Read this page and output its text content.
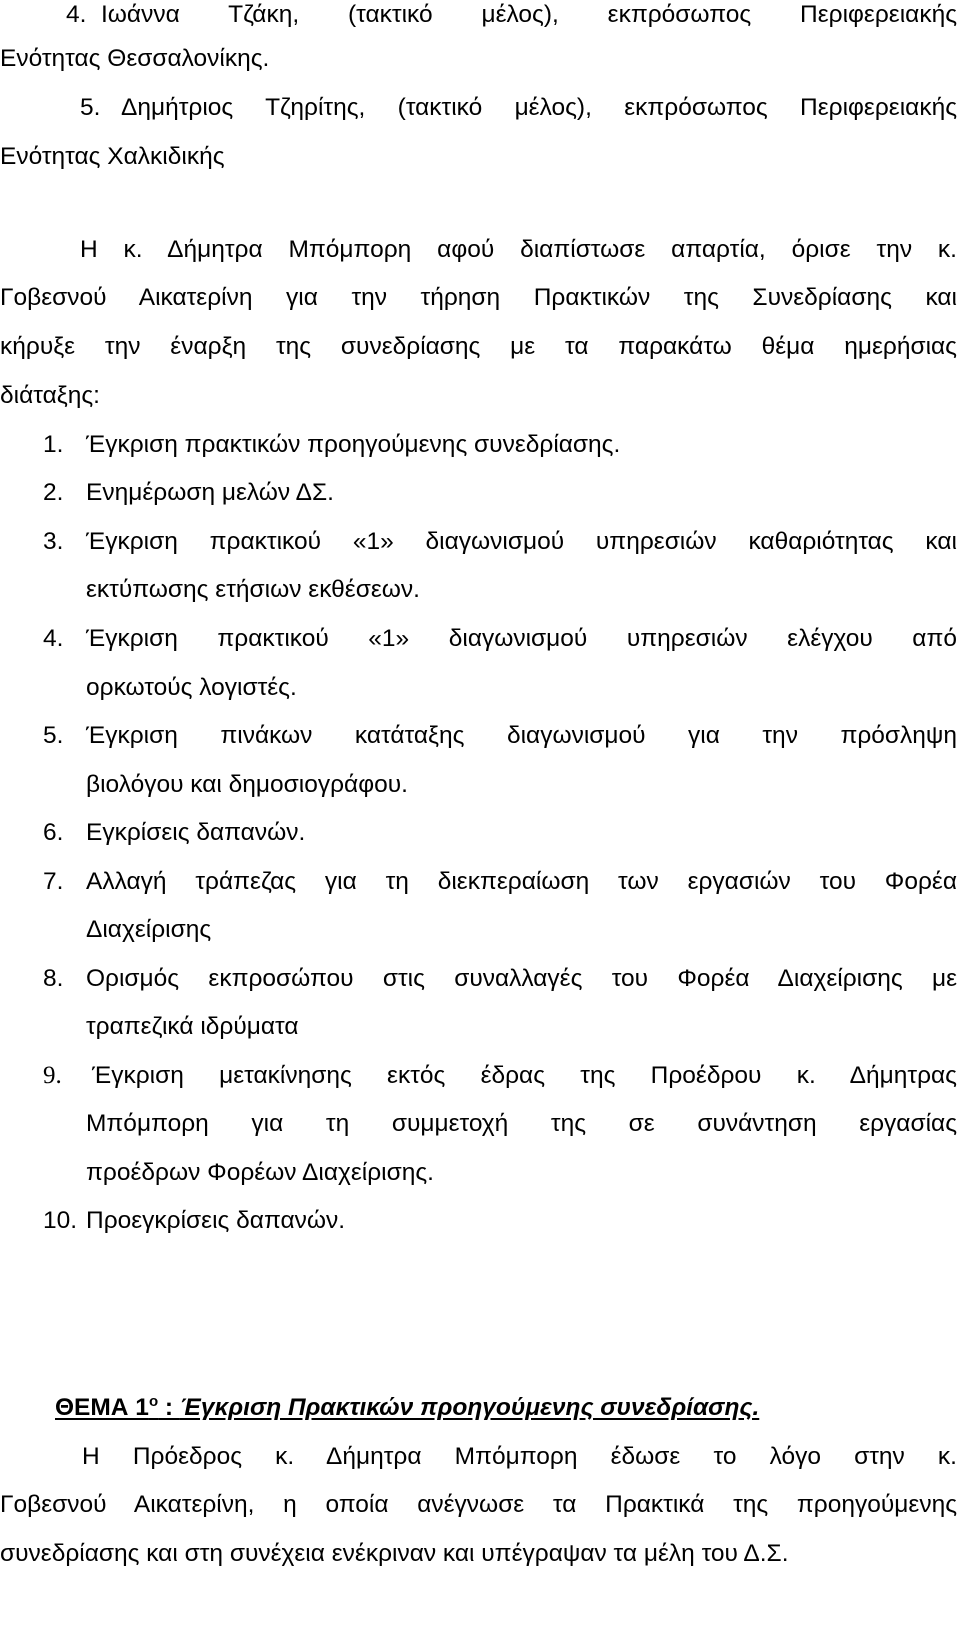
4. Ιωάννα Τζάκη, (τακτικό μέλος), εκπρόσωπος Περιφερειακής
Ενότητας Θεσσαλονίκης.
5. Δημήτριος Τζηρίτης, (τακτικό μέλος), εκπρόσωπος Περιφερειακής
Ενότητας Χαλκιδικής
Η κ. Δήμητρα Μπόμπορη αφού διαπίστωσε απαρτία, όρισε την κ.
Γοβεσνού Αικατερίνη για την τήρηση Πρακτικών της Συνεδρίασης και
κήρυξε την έναρξη της συνεδρίασης με τα παρακάτω θέμα ημερήσιας
διάταξης:
1. Έγκριση πρακτικών προηγούμενης συνεδρίασης.
2. Ενημέρωση μελών ΔΣ.
3. Έγκριση πρακτικού «1» διαγωνισμού υπηρεσιών καθαριότητας και
εκτύπωσης ετήσιων εκθέσεων.
4. Έγκριση πρακτικού «1» διαγωνισμού υπηρεσιών ελέγχου από
ορκωτούς λογιστές.
5. Έγκριση πινάκων κατάταξης διαγωνισμού για την πρόσληψη
βιολόγου και δημοσιογράφου.
6. Εγκρίσεις δαπανών.
7. Αλλαγή τράπεζας για τη διεκπεραίωση των εργασιών του Φορέα
Διαχείρισης
8. Ορισμός εκπροσώπου στις συναλλαγές του Φορέα Διαχείρισης με
τραπεζικά ιδρύματα
9. Έγκριση μετακίνησης εκτός έδρας της Προέδρου κ. Δήμητρας
Μπόμπορη για τη συμμετοχή της σε συνάντηση εργασίας
προέδρων Φορέων Διαχείρισης.
10. Προεγκρίσεις δαπανών.
ΘΕΜΑ $1^o$ : Έγκριση Πρακτικών προηγούμενης συνεδρίασης.
Η Πρόεδρος κ. Δήμητρα Μπόμπορη έδωσε το λόγο στην κ.
Γοβεσνού Αικατερίνη, η οποία ανέγνωσε τα Πρακτικά της προηγούμενης
συνεδρίασης και στη συνέχεια ενέκριναν και υπέγραψαν τα μέλη του Δ.Σ.
